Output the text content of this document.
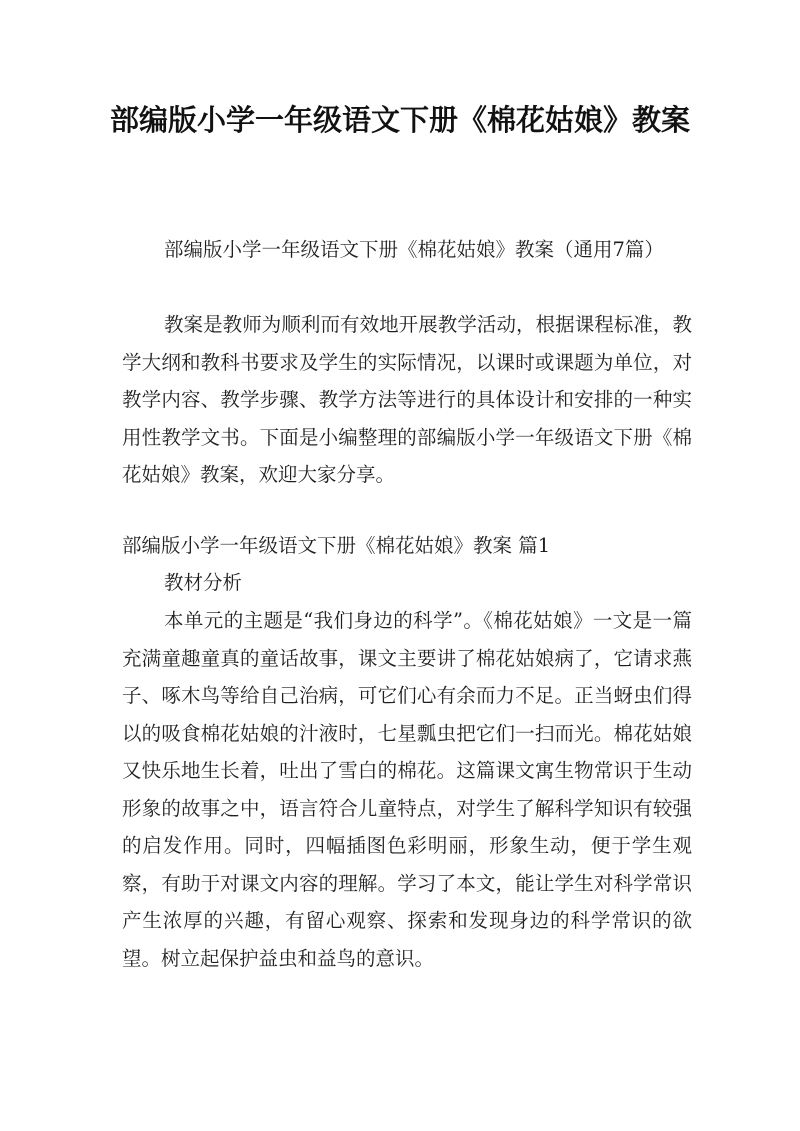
部编版小学一年级语文下册《棉花姑娘》教案

部编版小学一年级语文下册《棉花姑娘》教案（通用7篇）

教案是教师为顺利而有效地开展教学活动，根据课程标准，教学大纲和教科书要求及学生的实际情况，以课时或课题为单位，对教学内容、教学步骤、教学方法等进行的具体设计和安排的一种实用性教学文书。下面是小编整理的部编版小学一年级语文下册《棉花姑娘》教案，欢迎大家分享。

部编版小学一年级语文下册《棉花姑娘》教案 篇1

教材分析

本单元的主题是“我们身边的科学”。《棉花姑娘》一文是一篇充满童趣童真的童话故事，课文主要讲了棉花姑娘病了，它请求燕子、啄木鸟等给自己治病，可它们心有余而力不足。正当蚜虫们得以的吸食棉花姑娘的汁液时，七星瓢虫把它们一扫而光。棉花姑娘又快乐地生长着，吐出了雪白的棉花。这篇课文寓生物常识于生动形象的故事之中，语言符合儿童特点，对学生了解科学知识有较强的启发作用。同时，四幅插图色彩明丽，形象生动，便于学生观察，有助于对课文内容的理解。学习了本文，能让学生对科学常识产生浓厚的兴趣，有留心观察、探索和发现身边的科学常识的欲望。树立起保护益虫和益鸟的意识。
